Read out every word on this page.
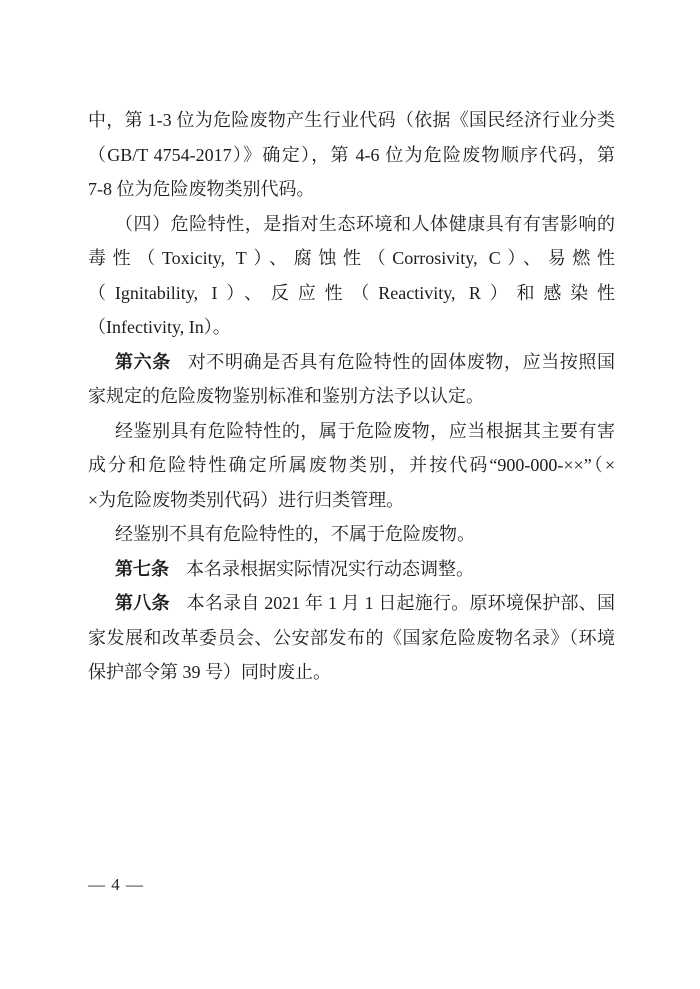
中，第 1-3 位为危险废物产生行业代码（依据《国民经济行业分类
（GB/T 4754-2017）》确定），第 4-6 位为危险废物顺序代码，第
7-8 位为危险废物类别代码。
（四）危险特性，是指对生态环境和人体健康具有有害影响的
毒性（Toxicity, T）、腐蚀性（Corrosivity, C）、易燃性
（Ignitability, I）、反应性（Reactivity, R）和感染性
（Infectivity, In）。
第六条 对不明确是否具有危险特性的固体废物，应当按照国
家规定的危险废物鉴别标准和鉴别方法予以认定。
经鉴别具有危险特性的，属于危险废物，应当根据其主要有害
成分和危险特性确定所属废物类别，并按代码“900-000-××”（×
×为危险废物类别代码）进行归类管理。
经鉴别不具有危险特性的，不属于危险废物。
第七条 本名录根据实际情况实行动态调整。
第八条 本名录自 2021 年 1 月 1 日起施行。原环境保护部、国
家发展和改革委员会、公安部发布的《国家危险废物名录》（环境
保护部令第 39 号）同时废止。
— 4 —
